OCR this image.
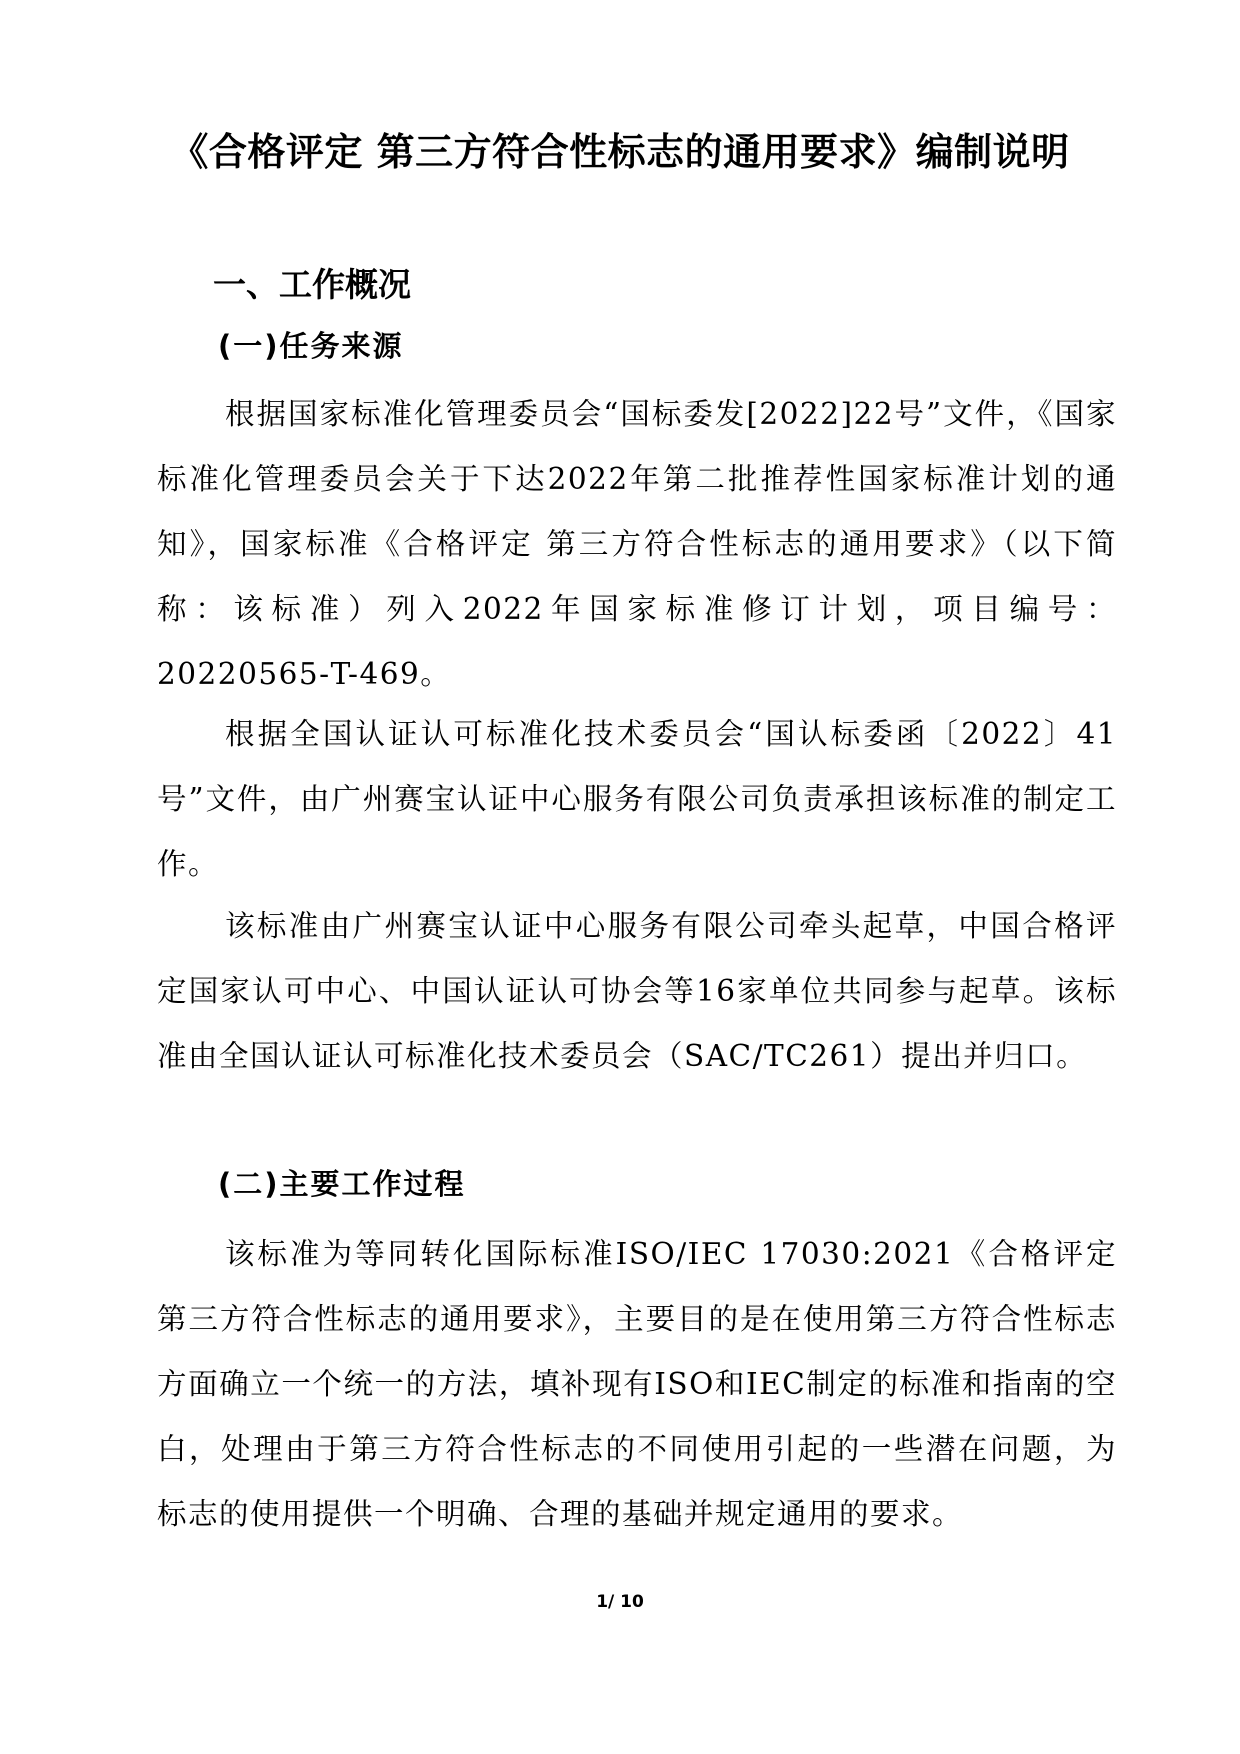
《合格评定 第三方符合性标志的通用要求》编制说明
一、工作概况
(一)任务来源

根据国家标准化管理委员会“国标委发[2022]22号”文件，《国家标准化管理委员会关于下达2022年第二批推荐性国家标准计划的通知》，国家标准《合格评定 第三方符合性标志的通用要求》（以下简称：该标准）列入2022年国家标准修订计划，项目编号：20220565-T-469。

根据全国认证认可标准化技术委员会“国认标委函〔2022〕41号”文件，由广州赛宝认证中心服务有限公司负责承担该标准的制定工作。

该标准由广州赛宝认证中心服务有限公司牵头起草，中国合格评定国家认可中心、中国认证认可协会等16家单位共同参与起草。该标准由全国认证认可标准化技术委员会（SAC/TC261）提出并归口。

(二)主要工作过程

该标准为等同转化国际标准ISO/IEC 17030:2021《合格评定 第三方符合性标志的通用要求》，主要目的是在使用第三方符合性标志方面确立一个统一的方法，填补现有ISO和IEC制定的标准和指南的空白，处理由于第三方符合性标志的不同使用引起的一些潜在问题，为标志的使用提供一个明确、合理的基础并规定通用的要求。

1/ 10
